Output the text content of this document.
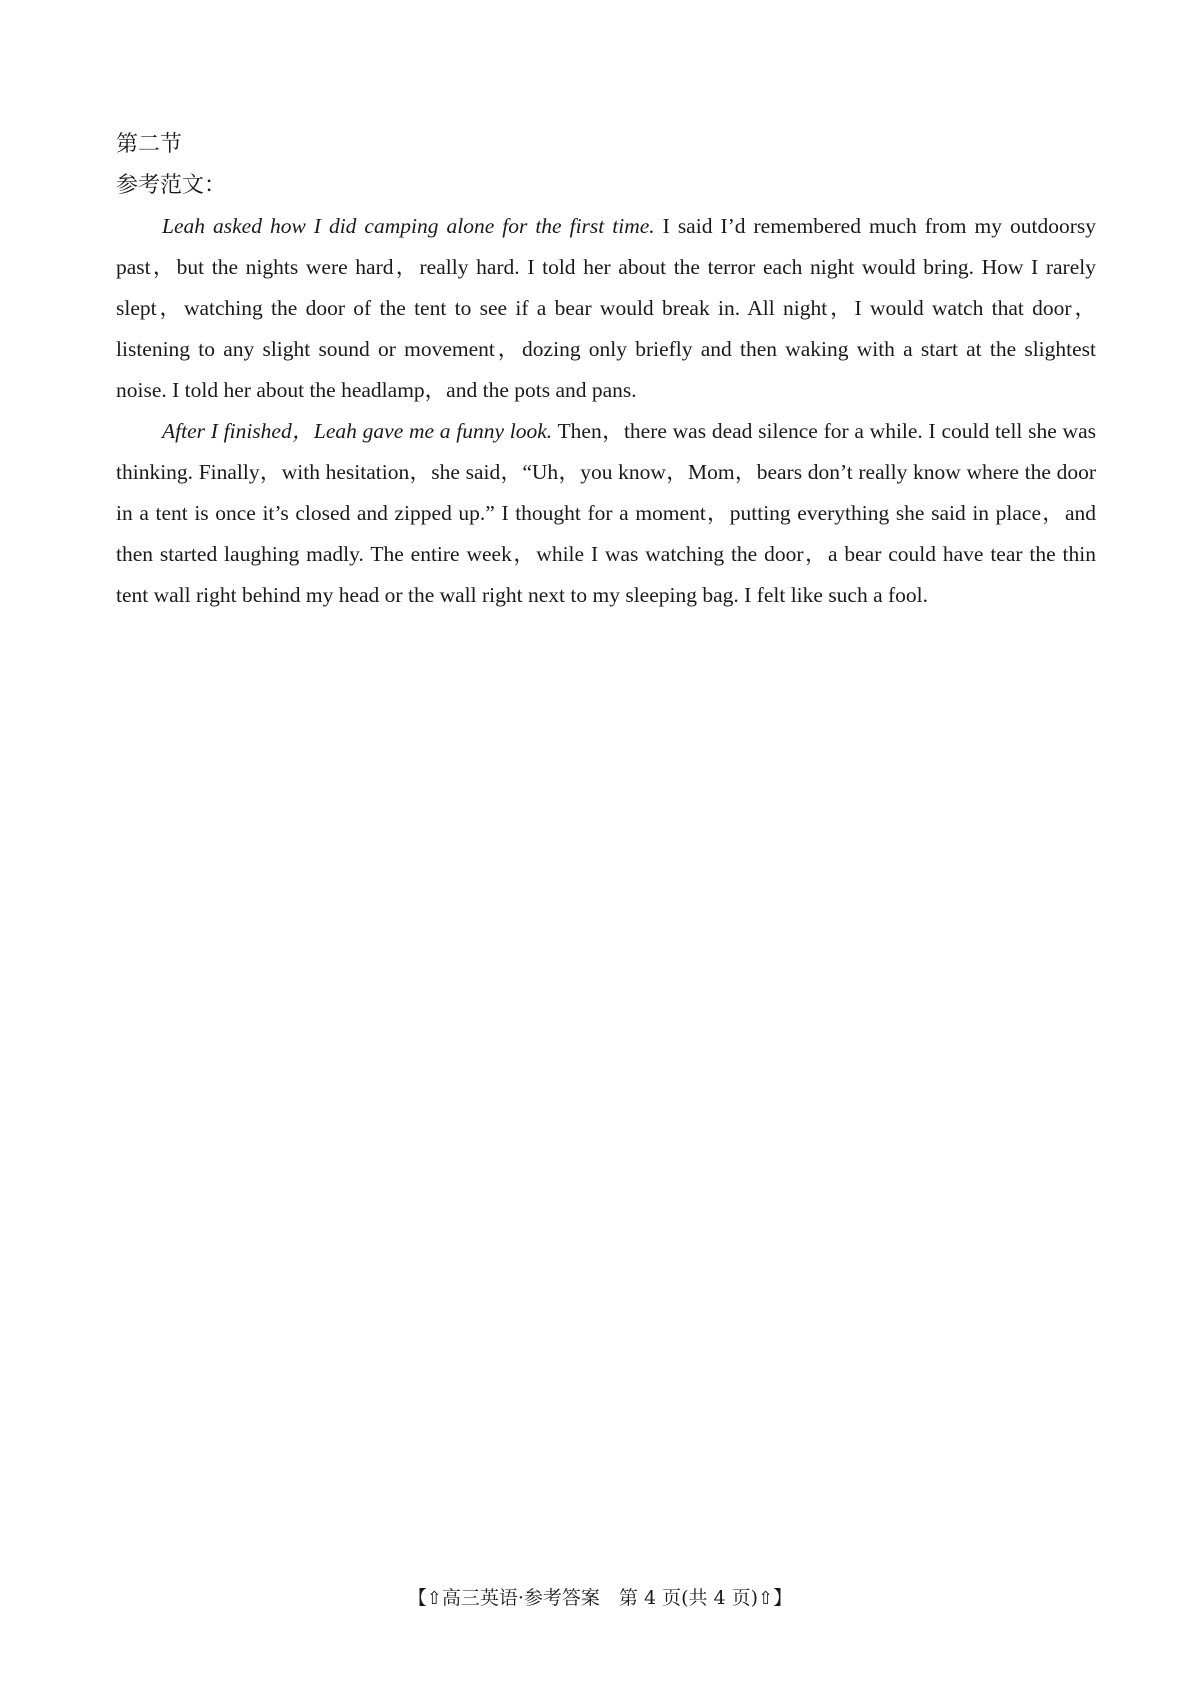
第二节

参考范文：

Leah asked how I did camping alone for the first time. I said I’d remembered much from my outdoorsy past，but the nights were hard，really hard. I told her about the terror each night would bring. How I rarely slept，watching the door of the tent to see if a bear would break in. All night，I would watch that door，listening to any slight sound or movement，dozing only briefly and then waking with a start at the slightest noise. I told her about the headlamp，and the pots and pans.

After I finished，Leah gave me a funny look. Then，there was dead silence for a while. I could tell she was thinking. Finally，with hesitation，she said，“Uh，you know，Mom，bears don’t really know where the door in a tent is once it’s closed and zipped up.” I thought for a moment，putting everything she said in place，and then started laughing madly. The entire week，while I was watching the door，a bear could have tear the thin tent wall right behind my head or the wall right next to my sleeping bag. I felt like such a fool.

【⇧高三英语·参考答案　第 4 页(共 4 页)⇧】
